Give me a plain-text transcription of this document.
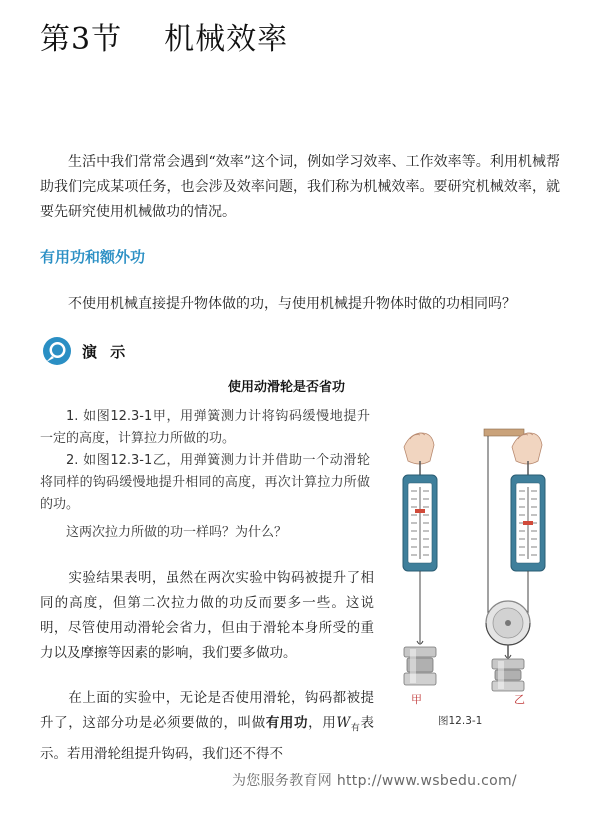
第3节 机械效率
生活中我们常常会遇到“效率”这个词，例如学习效率、工作效率等。利用机械帮助我们完成某项任务，也会涉及效率问题，我们称为机械效率。要研究机械效率，就要先研究使用机械做功的情况。
有用功和额外功
不使用机械直接提升物体做的功，与使用机械提升物体时做的功相同吗？
演 示
使用动滑轮是否省功
1. 如图12.3-1甲，用弹簧测力计将钩码缓慢地提升一定的高度，计算拉力所做的功。
2. 如图12.3-1乙，用弹簧测力计并借助一个动滑轮将同样的钩码缓慢地提升相同的高度，再次计算拉力所做的功。
这两次拉力所做的功一样吗？为什么？
实验结果表明，虽然在两次实验中钩码被提升了相同的高度，但第二次拉力做的功反而要多一些。这说明，尽管使用动滑轮会省力，但由于滑轮本身所受的重力以及摩擦等因素的影响，我们要多做功。
在上面的实验中，无论是否使用滑轮，钩码都被提升了，这部分功是必须要做的，叫做有用功，用$W_有$表示。若用滑轮组提升钩码，我们还不得不
甲	乙
图12.3-1
为您服务教育网 http://www.wsbedu.com/
